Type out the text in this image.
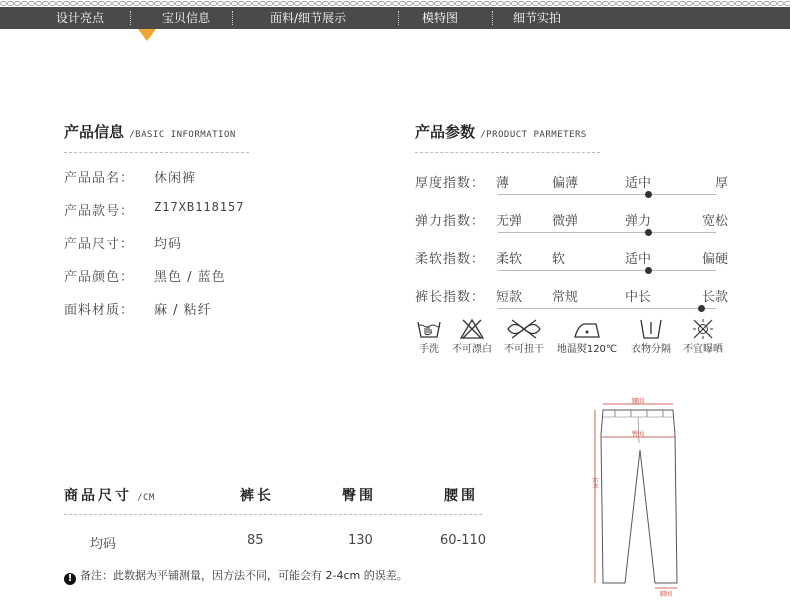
设计亮点	宝贝信息	面料/细节展示	模特图	细节实拍
产品信息 /BASIC INFORMATION
产品品名： 休闲裤
产品款号： Z17XB118157
产品尺寸： 均码
产品颜色： 黑色 / 蓝色
面料材质： 麻 / 粘纤
产品参数 /PRODUCT PARMETERS
厚度指数： 薄	偏薄	适中	厚
弹力指数： 无弹	微弹	弹力	宽松
柔软指数： 柔软	软	适中	偏硬
裤长指数： 短款	常规	中长	长款
手洗	不可漂白	不可扭干	地温熨120℃	衣物分隔	不宜曝晒
商品尺寸 /CM	裤长	臀围	腰围
均码	85	130	60-110
! 备注：此数据为平铺测量，因方法不同，可能会有 2-4cm 的误差。
腰围
臀围
长外
脚围
